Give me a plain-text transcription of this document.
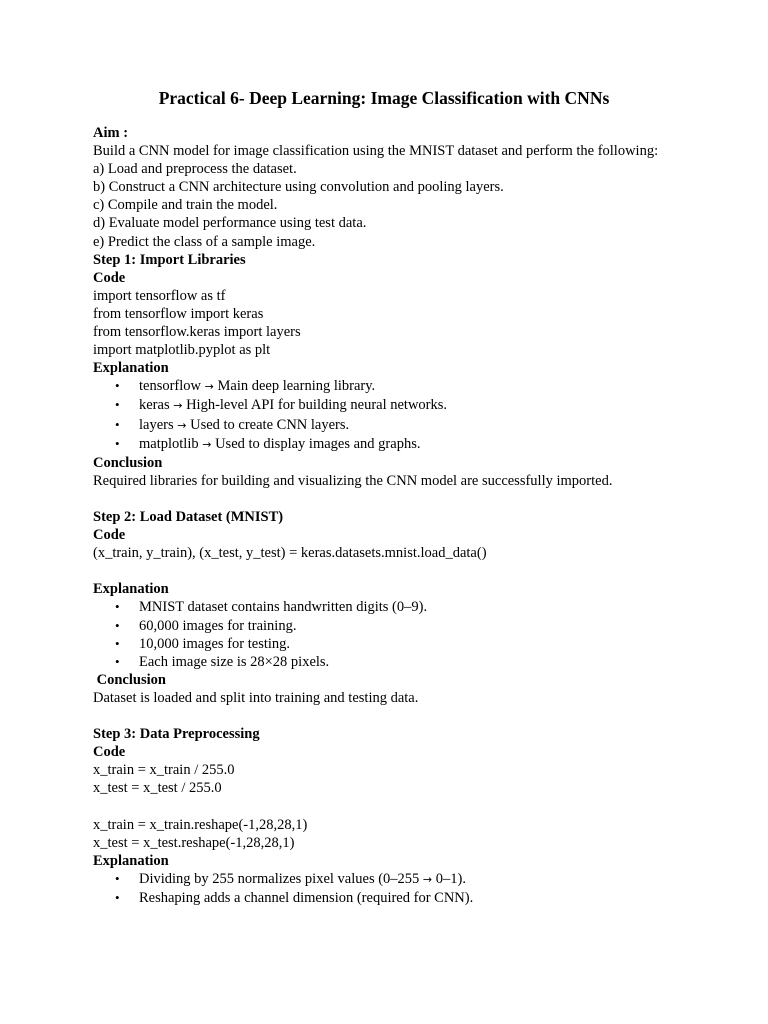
Practical 6- Deep Learning: Image Classification with CNNs
Aim :
Build a CNN model for image classification using the MNIST dataset and perform the following:
a) Load and preprocess the dataset.
b) Construct a CNN architecture using convolution and pooling layers.
c) Compile and train the model.
d) Evaluate model performance using test data.
e) Predict the class of a sample image.
Step 1: Import Libraries
Code
import tensorflow as tf
from tensorflow import keras
from tensorflow.keras import layers
import matplotlib.pyplot as plt
Explanation
• tensorflow → Main deep learning library.
• keras → High-level API for building neural networks.
• layers → Used to create CNN layers.
• matplotlib → Used to display images and graphs.
Conclusion
Required libraries for building and visualizing the CNN model are successfully imported.
Step 2: Load Dataset (MNIST)
Code
(x_train, y_train), (x_test, y_test) = keras.datasets.mnist.load_data()
Explanation
• MNIST dataset contains handwritten digits (0–9).
• 60,000 images for training.
• 10,000 images for testing.
• Each image size is 28×28 pixels.
Conclusion
Dataset is loaded and split into training and testing data.
Step 3: Data Preprocessing
Code
x_train = x_train / 255.0
x_test = x_test / 255.0
x_train = x_train.reshape(-1,28,28,1)
x_test = x_test.reshape(-1,28,28,1)
Explanation
• Dividing by 255 normalizes pixel values (0–255 → 0–1).
• Reshaping adds a channel dimension (required for CNN).
